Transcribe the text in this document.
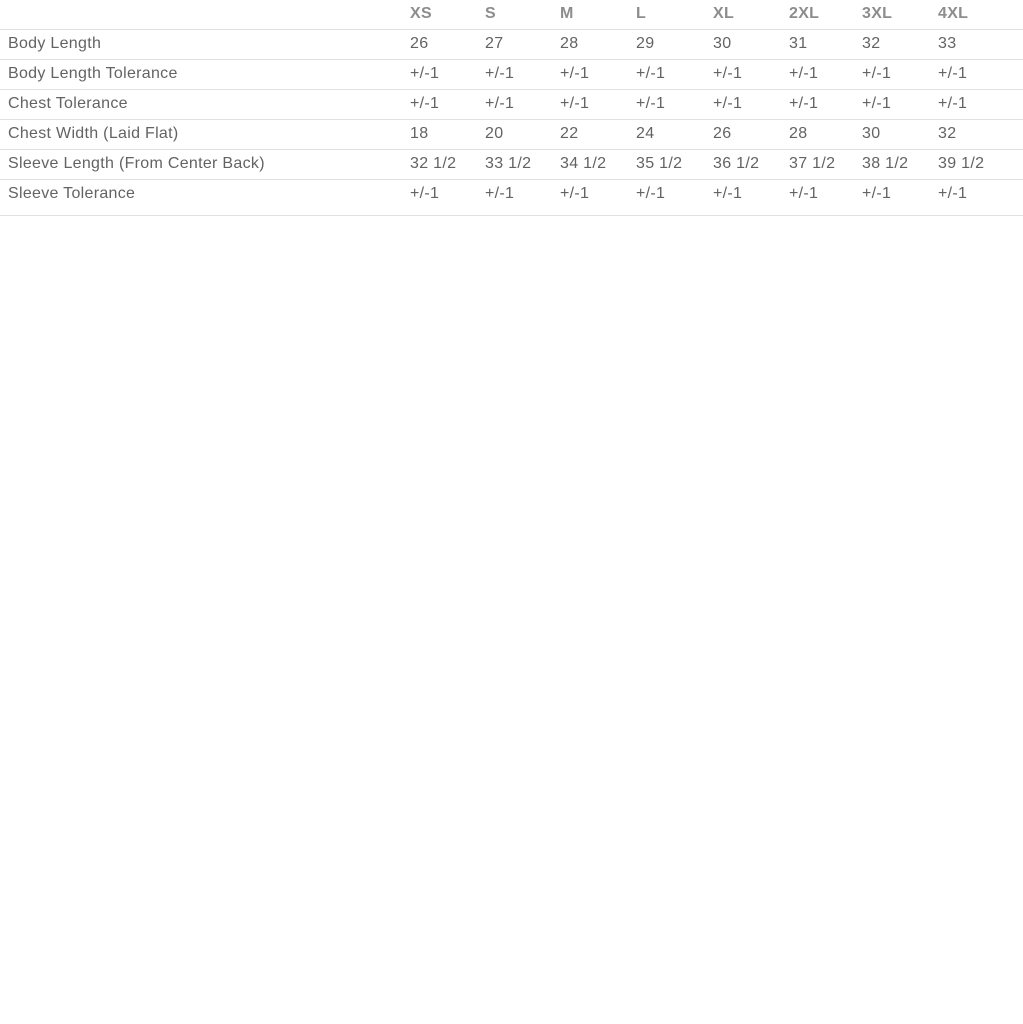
	XS	S	M	L	XL	2XL	3XL	4XL
Body Length	26	27	28	29	30	31	32	33
Body Length Tolerance	+/-1	+/-1	+/-1	+/-1	+/-1	+/-1	+/-1	+/-1
Chest Tolerance	+/-1	+/-1	+/-1	+/-1	+/-1	+/-1	+/-1	+/-1
Chest Width (Laid Flat)	18	20	22	24	26	28	30	32
Sleeve Length (From Center Back)	32 1/2	33 1/2	34 1/2	35 1/2	36 1/2	37 1/2	38 1/2	39 1/2
Sleeve Tolerance	+/-1	+/-1	+/-1	+/-1	+/-1	+/-1	+/-1	+/-1
